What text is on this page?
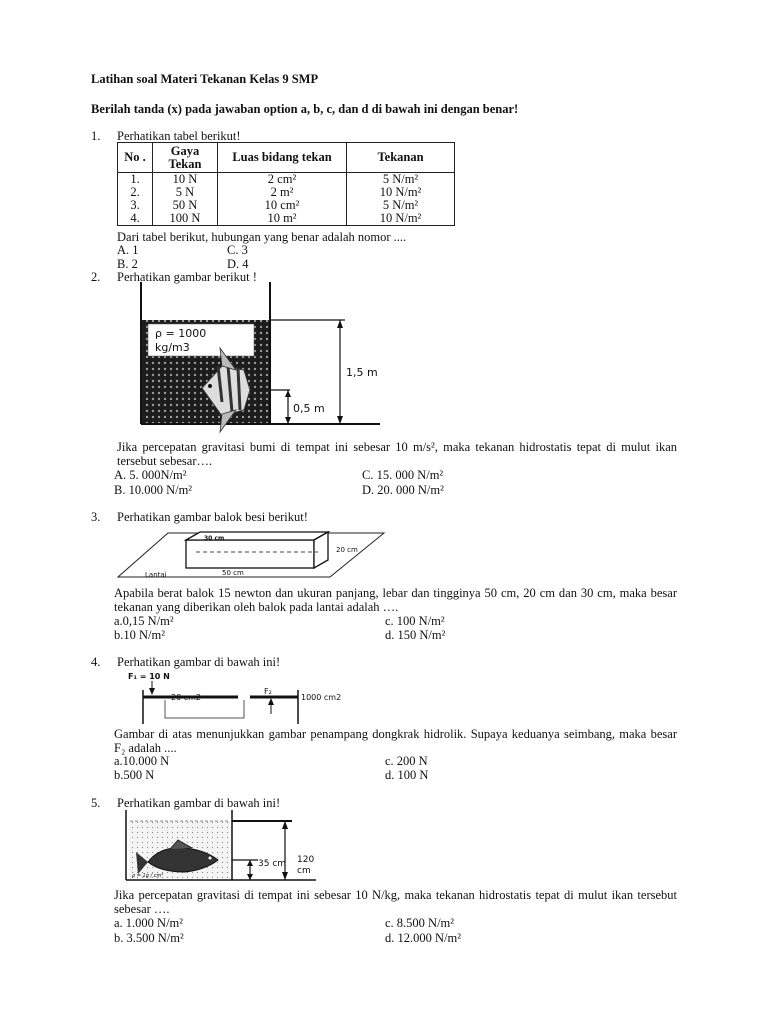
Latihan soal Materi Tekanan Kelas 9 SMP
Berilah tanda (x) pada jawaban option a, b, c, dan d di bawah ini dengan benar!
1. Perhatikan tabel berikut!
No .	Gaya Tekan	Luas bidang tekan	Tekanan
1.	10 N	2 cm²	5 N/m²
2.	5 N	2 m²	10 N/m²
3.	50 N	10 cm²	5 N/m²
4.	100 N	10 m²	10 N/m²
Dari tabel berikut, hubungan yang benar adalah nomor ....
A. 1	C. 3
B. 2	D. 4
2. Perhatikan gambar berikut !
ρ = 1000
kg/m3
1,5 m
0,5 m
Jika percepatan gravitasi bumi di tempat ini sebesar 10 m/s², maka tekanan hidrostatis tepat di mulut ikan tersebut sebesar….
A. 5. 000N/m²	C. 15. 000 N/m²
B. 10.000 N/m²	D. 20. 000 N/m²
3. Perhatikan gambar balok besi berikut!
30 cm
20 cm
50 cm
Lantai
Apabila berat balok 15 newton dan ukuran panjang, lebar dan tingginya 50 cm, 20 cm dan 30 cm, maka besar tekanan yang diberikan oleh balok pada lantai adalah ….
a.0,15 N/m²	c. 100 N/m²
b.10 N/m²	d. 150 N/m²
4. Perhatikan gambar di bawah ini!
F₁ = 10 N
20 cm2
F₂
1000 cm2
Gambar di atas menunjukkan gambar penampang dongkrak hidrolik. Supaya keduanya seimbang, maka besar F₂ adalah ....
a.10.000 N	c. 200 N
b.500 N	d. 100 N
5. Perhatikan gambar di bawah ini!
35 cm 120
cm
ρ = 1g / cm³
Jika percepatan gravitasi di tempat ini sebesar 10 N/kg, maka tekanan hidrostatis tepat di mulut ikan tersebut sebesar ….
a. 1.000 N/m²	c. 8.500 N/m²
b. 3.500 N/m²	d. 12.000 N/m²
